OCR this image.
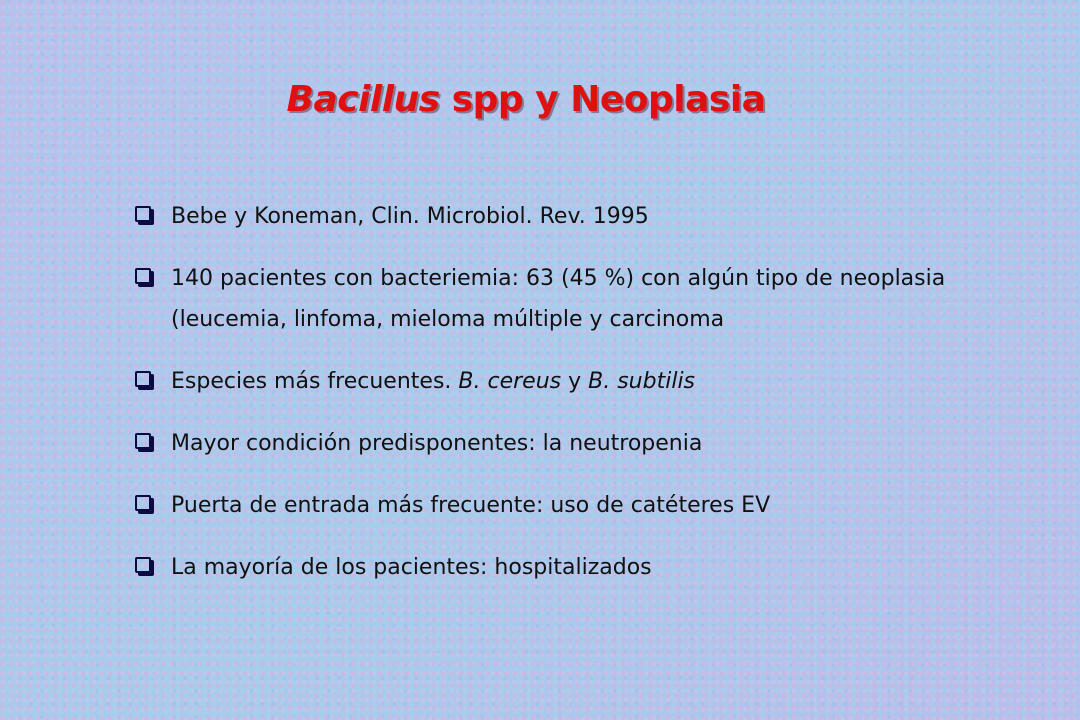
Bacillus spp y Neoplasia
Bebe y Koneman, Clin. Microbiol. Rev. 1995
140 pacientes con bacteriemia: 63 (45 %) con algún tipo de neoplasia (leucemia, linfoma, mieloma múltiple y carcinoma
Especies más frecuentes. B. cereus y B. subtilis
Mayor condición predisponentes: la neutropenia
Puerta de entrada más frecuente: uso de catéteres EV
La mayoría de los pacientes: hospitalizados
